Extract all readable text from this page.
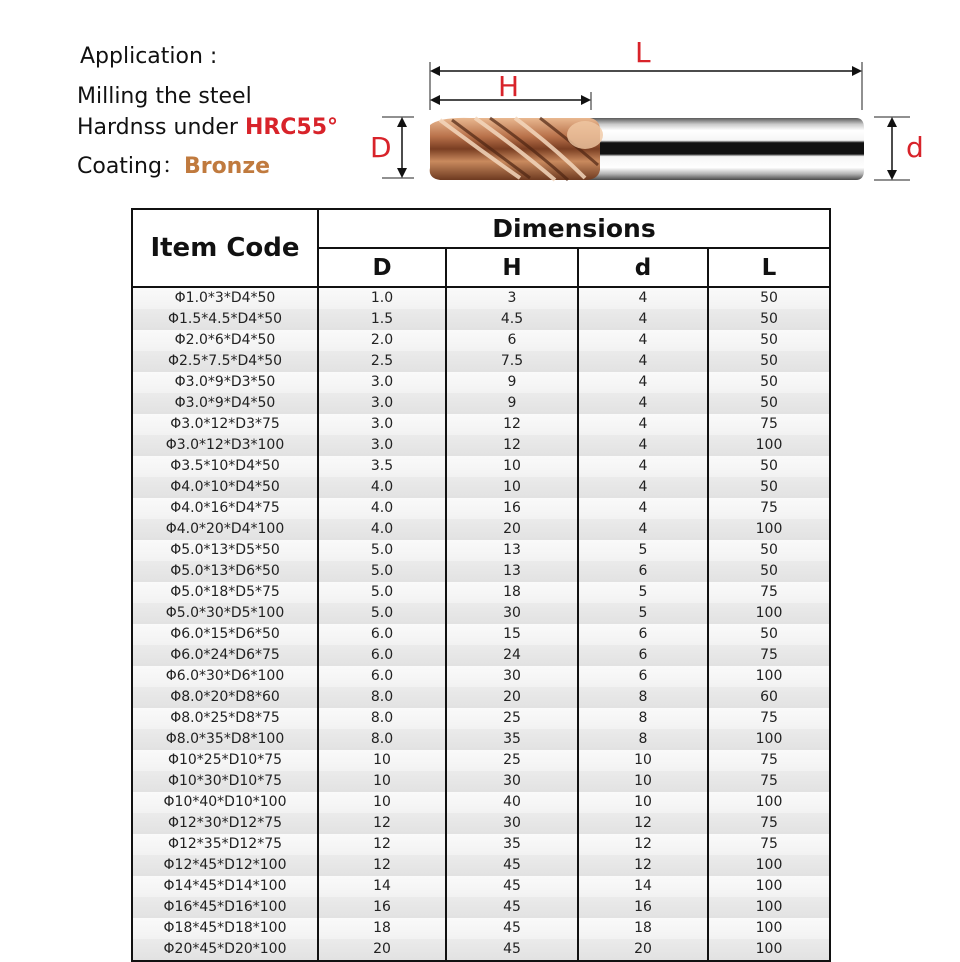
Application :
Milling the steel
Hardnss under HRC55°
Coating：Bronze
L
H
D	d
Item Code	Dimensions			
	D	H	d	L
Φ1.0*3*D4*50	1.0	3	4	50
Φ1.5*4.5*D4*50	1.5	4.5	4	50
Φ2.0*6*D4*50	2.0	6	4	50
Φ2.5*7.5*D4*50	2.5	7.5	4	50
Φ3.0*9*D3*50	3.0	9	4	50
Φ3.0*9*D4*50	3.0	9	4	50
Φ3.0*12*D3*75	3.0	12	4	75
Φ3.0*12*D3*100	3.0	12	4	100
Φ3.5*10*D4*50	3.5	10	4	50
Φ4.0*10*D4*50	4.0	10	4	50
Φ4.0*16*D4*75	4.0	16	4	75
Φ4.0*20*D4*100	4.0	20	4	100
Φ5.0*13*D5*50	5.0	13	5	50
Φ5.0*13*D6*50	5.0	13	6	50
Φ5.0*18*D5*75	5.0	18	5	75
Φ5.0*30*D5*100	5.0	30	5	100
Φ6.0*15*D6*50	6.0	15	6	50
Φ6.0*24*D6*75	6.0	24	6	75
Φ6.0*30*D6*100	6.0	30	6	100
Φ8.0*20*D8*60	8.0	20	8	60
Φ8.0*25*D8*75	8.0	25	8	75
Φ8.0*35*D8*100	8.0	35	8	100
Φ10*25*D10*75	10	25	10	75
Φ10*30*D10*75	10	30	10	75
Φ10*40*D10*100	10	40	10	100
Φ12*30*D12*75	12	30	12	75
Φ12*35*D12*75	12	35	12	75
Φ12*45*D12*100	12	45	12	100
Φ14*45*D14*100	14	45	14	100
Φ16*45*D16*100	16	45	16	100
Φ18*45*D18*100	18	45	18	100
Φ20*45*D20*100	20	45	20	100
